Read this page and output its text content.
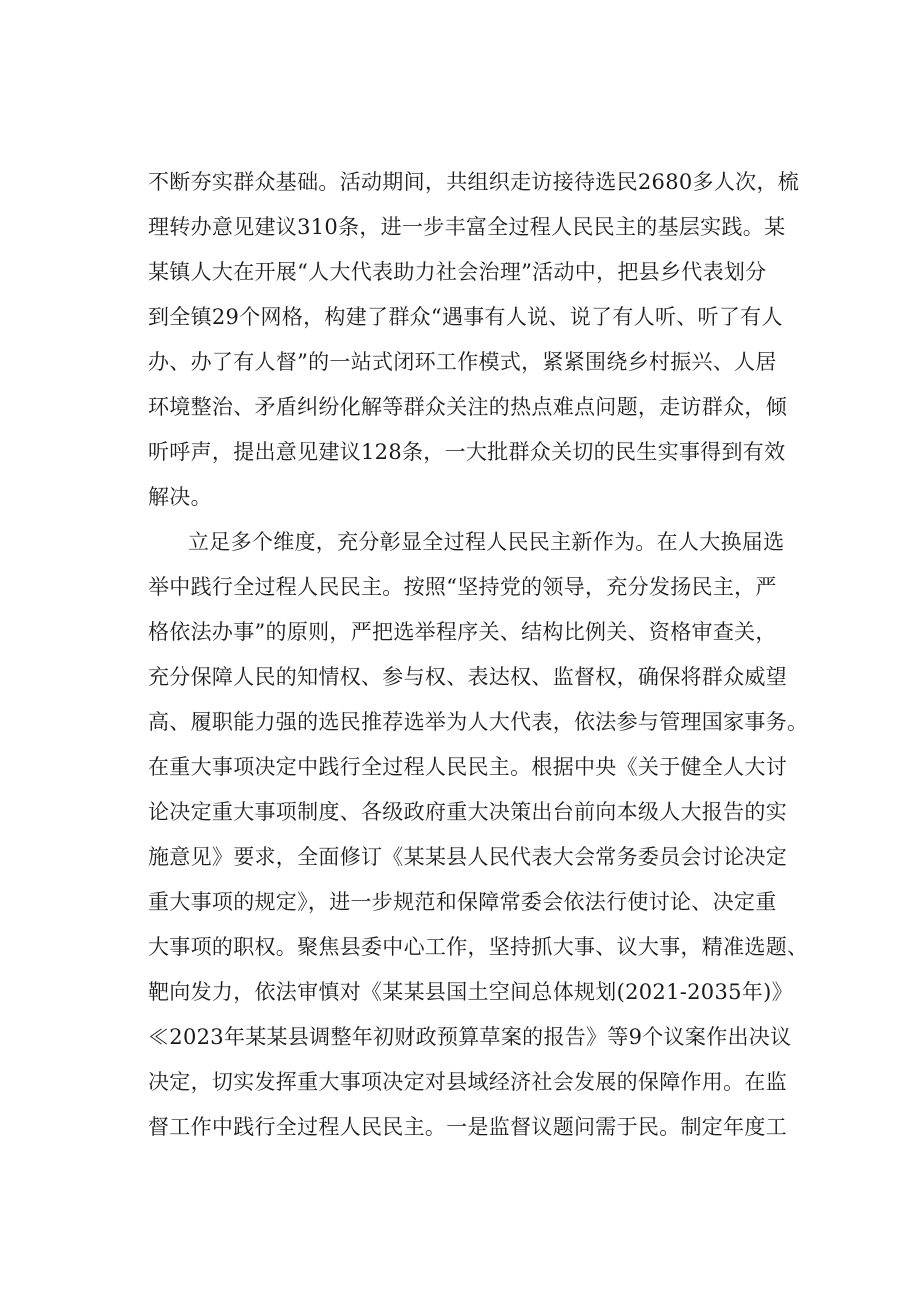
不断夯实群众基础。活动期间，共组织走访接待选民2680多人次，梳
理转办意见建议310条，进一步丰富全过程人民民主的基层实践。某
某镇人大在开展“人大代表助力社会治理”活动中，把县乡代表划分
到全镇29个网格，构建了群众“遇事有人说、说了有人听、听了有人
办、办了有人督”的一站式闭环工作模式，紧紧围绕乡村振兴、人居
环境整治、矛盾纠纷化解等群众关注的热点难点问题，走访群众，倾
听呼声，提出意见建议128条，一大批群众关切的民生实事得到有效
解决。
立足多个维度，充分彰显全过程人民民主新作为。在人大换届选
举中践行全过程人民民主。按照“坚持党的领导，充分发扬民主，严
格依法办事”的原则，严把选举程序关、结构比例关、资格审查关，
充分保障人民的知情权、参与权、表达权、监督权，确保将群众威望
高、履职能力强的选民推荐选举为人大代表，依法参与管理国家事务。
在重大事项决定中践行全过程人民民主。根据中央《关于健全人大讨
论决定重大事项制度、各级政府重大决策出台前向本级人大报告的实
施意见》要求，全面修订《某某县人民代表大会常务委员会讨论决定
重大事项的规定》，进一步规范和保障常委会依法行使讨论、决定重
大事项的职权。聚焦县委中心工作，坚持抓大事、议大事，精准选题、
靶向发力，依法审慎对《某某县国土空间总体规划(2021-2035年)》
≪2023年某某县调整年初财政预算草案的报告》等9个议案作出决议
决定，切实发挥重大事项决定对县域经济社会发展的保障作用。在监
督工作中践行全过程人民民主。一是监督议题问需于民。制定年度工
